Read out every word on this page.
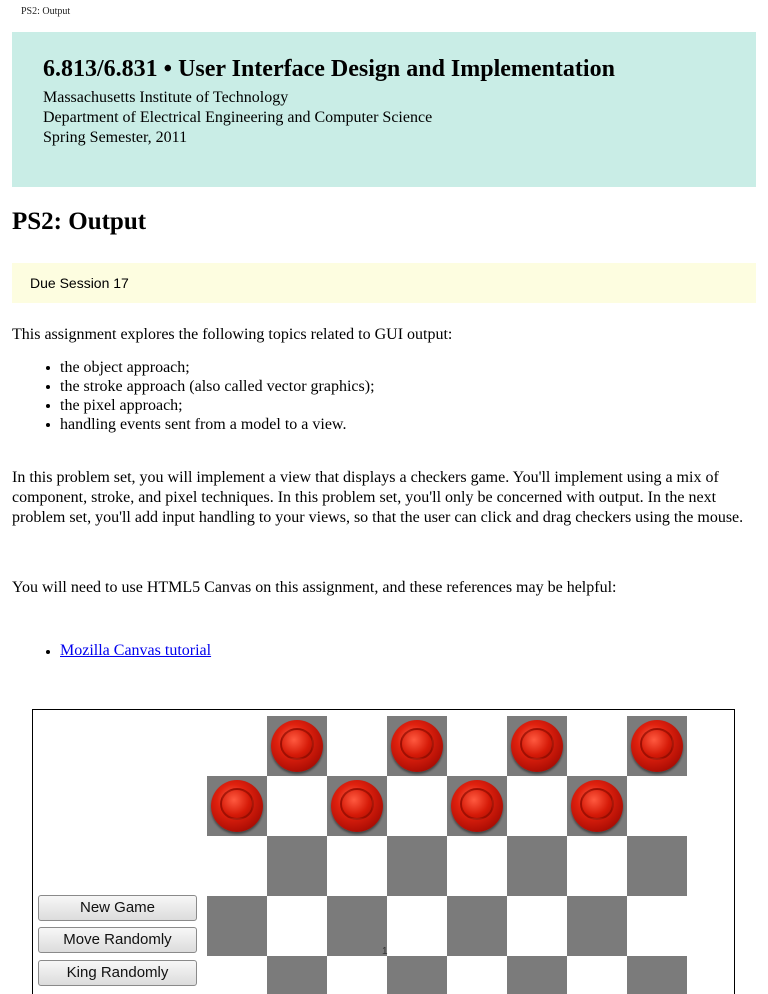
PS2: Output
6.813/6.831 • User Interface Design and Implementation
Massachusetts Institute of Technology
Department of Electrical Engineering and Computer Science
Spring Semester, 2011
PS2: Output
Due Session 17

This assignment explores the following topics related to GUI output:

the object approach;
the stroke approach (also called vector graphics);
the pixel approach;
handling events sent from a model to a view.

In this problem set, you will implement a view that displays a checkers game. You'll implement using a mix of component, stroke, and pixel techniques. In this problem set, you'll only be concerned with output. In the next problem set, you'll add input handling to your views, so that the user can click and drag checkers using the mouse.

You will need to use HTML5 Canvas on this assignment, and these references may be helpful:

Mozilla Canvas tutorial
1
New Game
Move Randomly
King Randomly
